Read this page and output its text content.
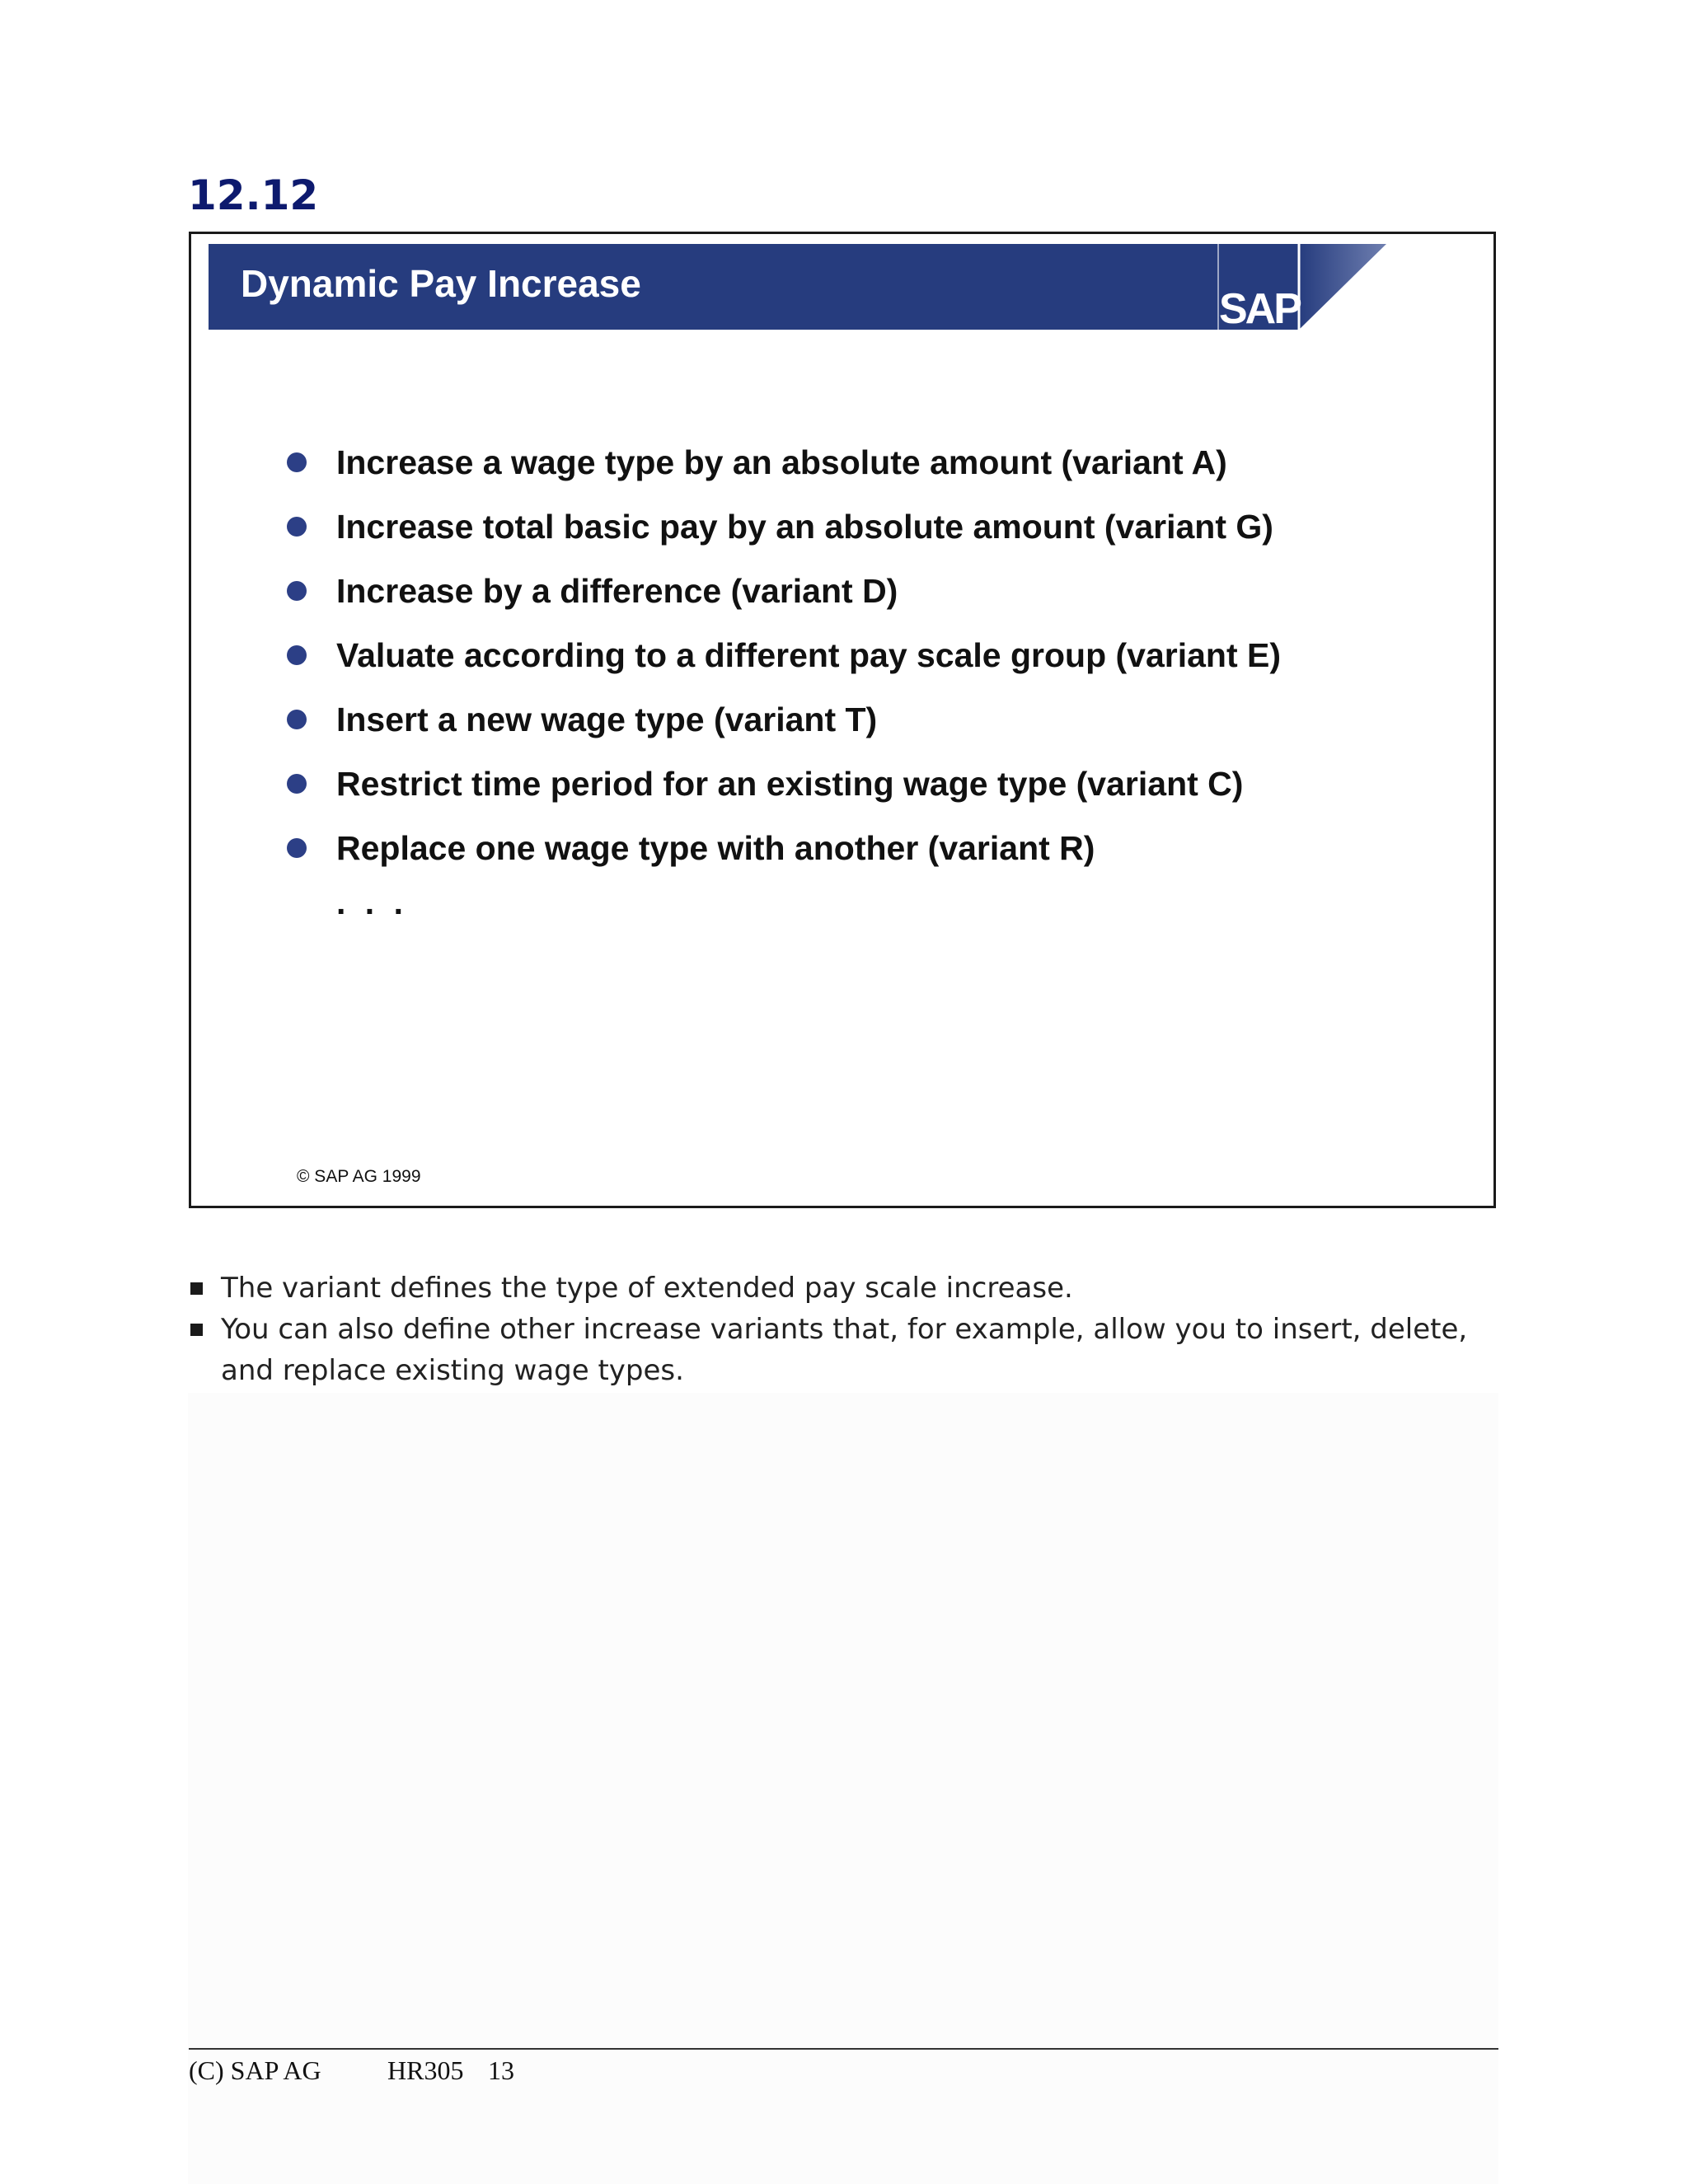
12.12
Dynamic Pay Increase
SAP
Increase a wage type by an absolute amount (variant A)
Increase total basic pay by an absolute amount (variant G)
Increase by a difference (variant D)
Valuate according to a different pay scale group (variant E)
Insert a new wage type (variant T)
Restrict time period for an existing wage type (variant C)
Replace one wage type with another (variant R)
. . .
© SAP AG 1999
The variant defines the type of extended pay scale increase.
You can also define other increase variants that, for example, allow you to insert, delete, and replace existing wage types.
(C) SAP AG	HR305 13
